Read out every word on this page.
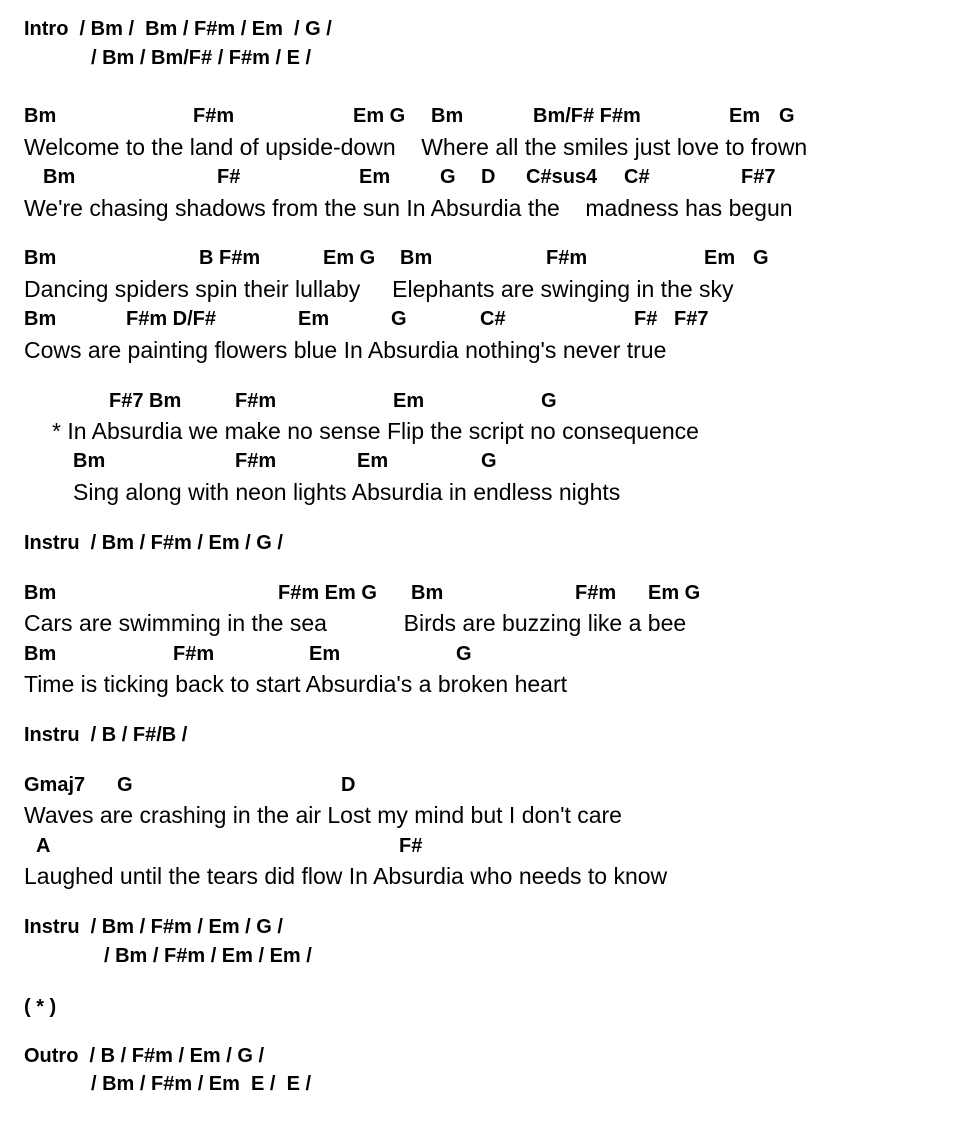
Intro  / Bm /  Bm / F#m / Em  / G /
/ Bm / Bm/F# / F#m / E /
Bm	F#m	Em G Bm	Bm/F# F#m	Em G
Welcome to the land of upside-down    Where all the smiles just love to frown
Bm	F#	Em G D C#sus4 C#	F#7
We're chasing shadows from the sun In Absurdia the    madness has begun
Bm	B F#m	Em G Bm	F#m	Em G
Dancing spiders spin their lullaby     Elephants are swinging in the sky
Bm	F#m D/F#	Em	G	C#	F# F#7
Cows are painting flowers blue In Absurdia nothing's never true
F#7 Bm	F#m	Em	G
* In Absurdia we make no sense Flip the script no consequence
Bm	F#m	Em	G
Sing along with neon lights Absurdia in endless nights
Instru  / Bm / F#m / Em / G /
Bm	F#m Em G Bm	F#m Em G
Cars are swimming in the sea            Birds are buzzing like a bee
Bm	F#m	Em	G
Time is ticking back to start Absurdia's a broken heart
Instru  / B / F#/B /
Gmaj7 G	D
Waves are crashing in the air Lost my mind but I don't care
A	F#
Laughed until the tears did flow In Absurdia who needs to know
Instru  / Bm / F#m / Em / G /
/ Bm / F#m / Em / Em /
( * )
Outro  / B / F#m / Em / G /
/ Bm / F#m / Em  E /  E /
